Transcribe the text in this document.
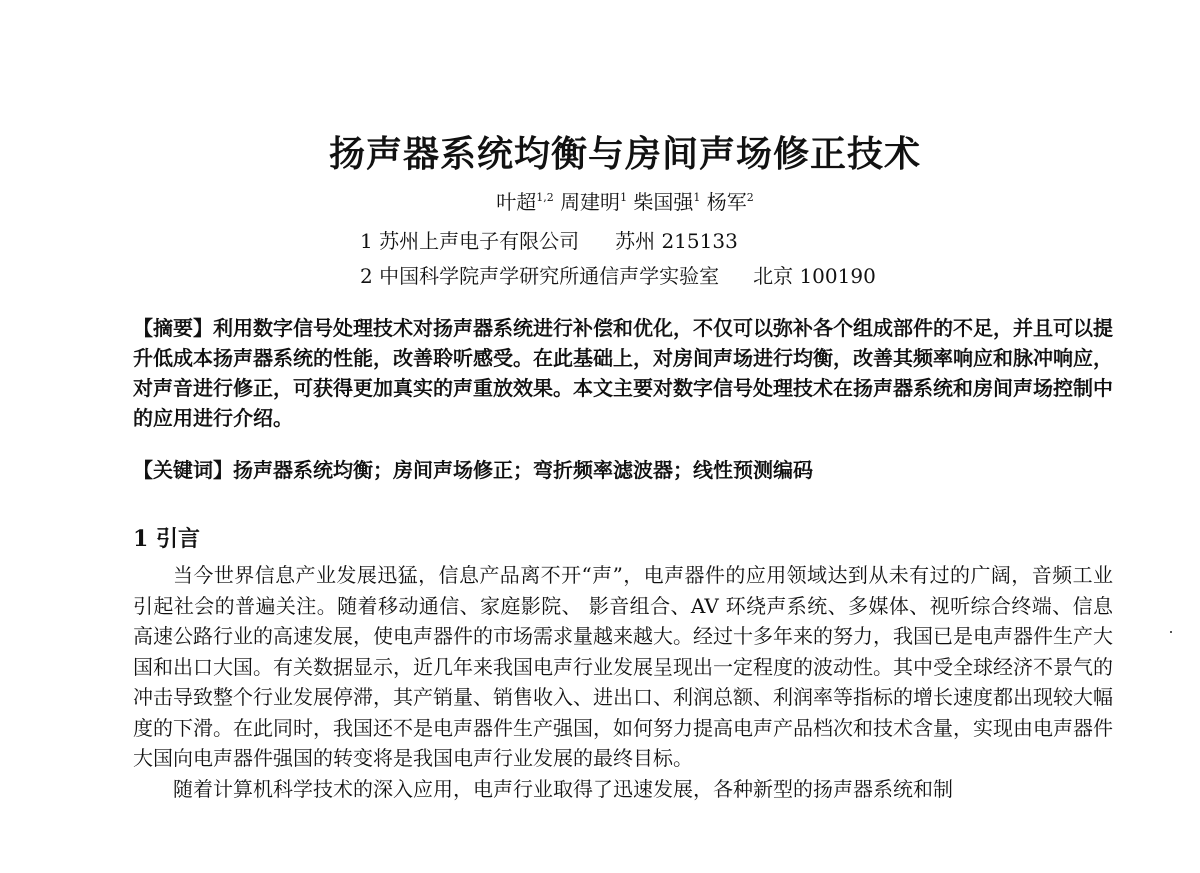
扬声器系统均衡与房间声场修正技术
叶超$^{1,2}$ 周建明$^1$ 柴国强$^1$ 杨军$^2$
1 苏州上声电子有限公司 苏州 215133
2 中国科学院声学研究所通信声学实验室 北京 100190
【摘要】利用数字信号处理技术对扬声器系统进行补偿和优化，不仅可以弥补各个组成部件的不足，并且可以提升低成本扬声器系统的性能，改善聆听感受。在此基础上，对房间声场进行均衡，改善其频率响应和脉冲响应，对声音进行修正，可获得更加真实的声重放效果。本文主要对数字信号处理技术在扬声器系统和房间声场控制中的应用进行介绍。
【关键词】扬声器系统均衡；房间声场修正；弯折频率滤波器；线性预测编码
1 引言

当今世界信息产业发展迅猛，信息产品离不开“声”，电声器件的应用领域达到从未有过的广阔，音频工业引起社会的普遍关注。随着移动通信、家庭影院、 影音组合、AV 环绕声系统、多媒体、视听综合终端、信息高速公路行业的高速发展，使电声器件的市场需求量越来越大。经过十多年来的努力，我国已是电声器件生产大国和出口大国。有关数据显示，近几年来我国电声行业发展呈现出一定程度的波动性。其中受全球经济不景气的冲击导致整个行业发展停滞，其产销量、销售收入、进出口、利润总额、利润率等指标的增长速度都出现较大幅度的下滑。在此同时，我国还不是电声器件生产强国，如何努力提高电声产品档次和技术含量，实现由电声器件大国向电声器件强国的转变将是我国电声行业发展的最终目标。

随着计算机科学技术的深入应用，电声行业取得了迅速发展，各种新型的扬声器系统和制
